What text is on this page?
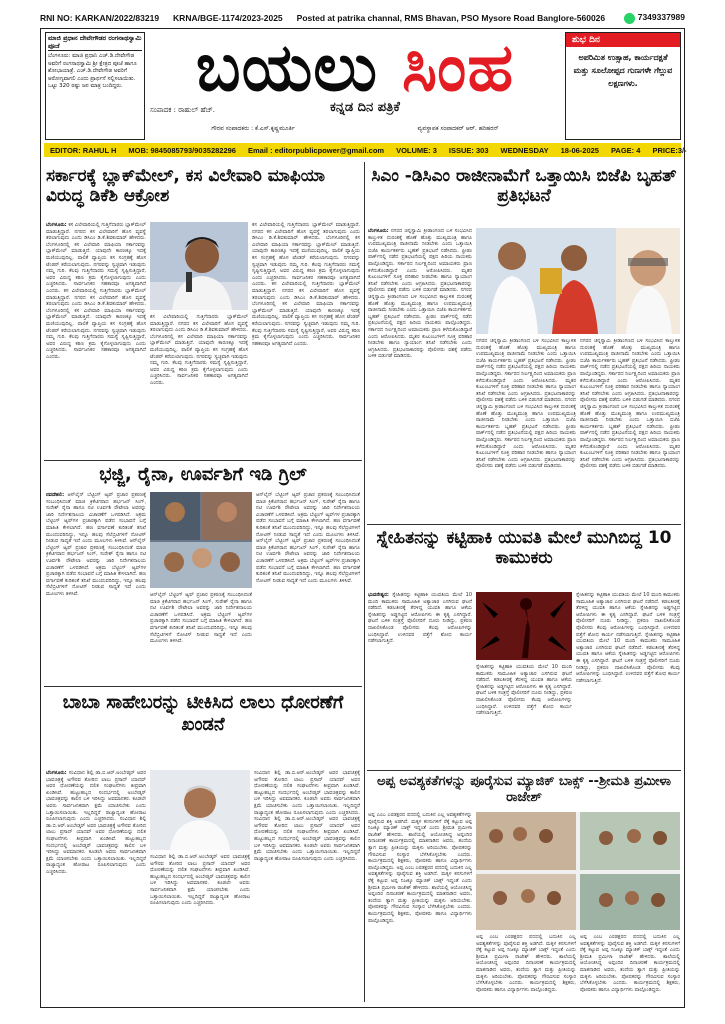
RNI NO: KARKAN/2022/83219 KRNA/BGE-1174/2023-2025 Posted at patrika channal, RMS Bhavan, PSO Mysore Road Banglore-560026	7349337989
ಮಾಜಿ ಪ್ರಧಾನ ದೇವೇಗೌಡರ ರಂಗನಾಥಸ್ವಾಮಿ ಪೂಜೆ
ಬೆಂಗಳೂರು: ಮಾಜಿ ಪ್ರಧಾನಿ ಎಚ್.ಡಿ.ದೇವೇಗೌಡ ಅವರಿಗೆ ರಂಗನಾಥಸ್ವಾಮಿ ಶ್ರೀ ಕ್ಷೇತ್ರದ ಪೂಜೆ ಹಾಗೂ ಶೋಭಾಯಾತ್ರೆ. ಎಚ್.ಡಿ.ದೇವೇಗೌಡ ಅವರಿಗೆ ಆರೋಗ್ಯವಾಗಲಿ ಎಂದು ಪ್ರಾರ್ಥನೆ ಸಲ್ಲಿಸಲಾಯಿತು. ಒಟ್ಟು 320 ರಷ್ಟು ಜನ ಮಾತ್ರ ಬಂದಿದ್ದರು.	ಬಯಲು ಸಿಂಹ
ಕನ್ನಡ ದಿನ ಪತ್ರಿಕೆ
ಸಂಪಾದಕ : ರಾಹುಲ್ ಹೆಚ್.
ಗೌರವ ಸಂಪಾದಕರು : ಕೆ.ಎಸ್.ಕೃಷ್ಣಮೂರ್ತಿ	ವ್ಯವಸ್ಥಾಪಕ ಸಂಪಾದಕರ್ ಆರ್. ಹರಿಹರನ್
ಶುಭ ದಿನ
ಅಪರಿಮಿತ ಉತ್ಸಾಹ, ಕಾರ್ಯದಕ್ಷತೆ ಮತ್ತು ಸೂಲೋಪ್ಪದ ಗುಣಗಳೇ ಗೆಲ್ಲುವ ಲಕ್ಷಣಗಳು.
EDITOR: RAHUL H MOB: 9845085793/9035282296 Email : editorpublicpower@gmail.com VOLUME: 3 ISSUE: 303 WEDNESDAY 18-06-2025 PAGE: 4 PRICE:3/-
ಸರ್ಕಾರಕ್ಕೆ ಬ್ಲಾಕ್‌ಮೇಲ್, ಕಸ ವಿಲೇವಾರಿ ಮಾಫಿಯಾ ವಿರುದ್ಧ ಡಿಕೆಶಿ ಆಕ್ರೋಶ
ಬೆಂಗಳೂರು: ಕಸ ವಿಲೇವಾರಿಯಲ್ಲಿ ಗುತ್ತಿಗೆದಾರರು ಬ್ಲಾಕ್‌ಮೇಲ್ ಮಾಡುತ್ತಿದ್ದಾರೆ. ನಗರದ ಕಸ ವಿಲೇವಾರಿಗೆ ಹೊಸ ವ್ಯವಸ್ಥೆ ತರಲಾಗುವುದು ಎಂದು ಡಿಸಿಎಂ ಡಿ.ಕೆ.ಶಿವಕುಮಾರ್ ಹೇಳಿದರು. ಬೆಂಗಳೂರಿನಲ್ಲಿ ಕಸ ವಿಲೇವಾರಿ ಮಾಫಿಯಾ ಸರ್ಕಾರವನ್ನು ಬ್ಲಾಕ್‌ಮೇಲ್ ಮಾಡುತ್ತಿದೆ. ಯಾವುದೇ ಕಾರಣಕ್ಕೂ ಇದಕ್ಕೆ ಮಣಿಯುವುದಿಲ್ಲ. ಪಾಲಿಕೆ ವ್ಯಾಪ್ತಿಯ ಕಸ ಸಂಗ್ರಹಕ್ಕೆ ಹೊಸ ಟೆಂಡರ್ ಕರೆಯಲಾಗುವುದು. ನಗರವನ್ನು ಸ್ವಚ್ಛವಾಗಿ ಇಡುವುದು ನಮ್ಮ ಗುರಿ. ಕೆಲವು ಗುತ್ತಿಗೆದಾರರು ಸಮಸ್ಯೆ ಸೃಷ್ಟಿಸುತ್ತಿದ್ದಾರೆ, ಅವರ ವಿರುದ್ಧ ಕಠಿಣ ಕ್ರಮ ಕೈಗೊಳ್ಳಲಾಗುವುದು ಎಂದು ಎಚ್ಚರಿಸಿದರು. ಸಾರ್ವಜನಿಕರ ಸಹಕಾರವೂ ಅಗತ್ಯವಾಗಿದೆ ಎಂದರು. ಕಸ ವಿಲೇವಾರಿಯಲ್ಲಿ ಗುತ್ತಿಗೆದಾರರು ಬ್ಲಾಕ್‌ಮೇಲ್ ಮಾಡುತ್ತಿದ್ದಾರೆ. ನಗರದ ಕಸ ವಿಲೇವಾರಿಗೆ ಹೊಸ ವ್ಯವಸ್ಥೆ ತರಲಾಗುವುದು ಎಂದು ಡಿಸಿಎಂ ಡಿ.ಕೆ.ಶಿವಕುಮಾರ್ ಹೇಳಿದರು. ಬೆಂಗಳೂರಿನಲ್ಲಿ ಕಸ ವಿಲೇವಾರಿ ಮಾಫಿಯಾ ಸರ್ಕಾರವನ್ನು ಬ್ಲಾಕ್‌ಮೇಲ್ ಮಾಡುತ್ತಿದೆ. ಯಾವುದೇ ಕಾರಣಕ್ಕೂ ಇದಕ್ಕೆ ಮಣಿಯುವುದಿಲ್ಲ. ಪಾಲಿಕೆ ವ್ಯಾಪ್ತಿಯ ಕಸ ಸಂಗ್ರಹಕ್ಕೆ ಹೊಸ ಟೆಂಡರ್ ಕರೆಯಲಾಗುವುದು. ನಗರವನ್ನು ಸ್ವಚ್ಛವಾಗಿ ಇಡುವುದು ನಮ್ಮ ಗುರಿ. ಕೆಲವು ಗುತ್ತಿಗೆದಾರರು ಸಮಸ್ಯೆ ಸೃಷ್ಟಿಸುತ್ತಿದ್ದಾರೆ, ಅವರ ವಿರುದ್ಧ ಕಠಿಣ ಕ್ರಮ ಕೈಗೊಳ್ಳಲಾಗುವುದು ಎಂದು ಎಚ್ಚರಿಸಿದರು. ಸಾರ್ವಜನಿಕರ ಸಹಕಾರವೂ ಅಗತ್ಯವಾಗಿದೆ ಎಂದರು.
ಕಸ ವಿಲೇವಾರಿಯಲ್ಲಿ ಗುತ್ತಿಗೆದಾರರು ಬ್ಲಾಕ್‌ಮೇಲ್ ಮಾಡುತ್ತಿದ್ದಾರೆ. ನಗರದ ಕಸ ವಿಲೇವಾರಿಗೆ ಹೊಸ ವ್ಯವಸ್ಥೆ ತರಲಾಗುವುದು ಎಂದು ಡಿಸಿಎಂ ಡಿ.ಕೆ.ಶಿವಕುಮಾರ್ ಹೇಳಿದರು. ಬೆಂಗಳೂರಿನಲ್ಲಿ ಕಸ ವಿಲೇವಾರಿ ಮಾಫಿಯಾ ಸರ್ಕಾರವನ್ನು ಬ್ಲಾಕ್‌ಮೇಲ್ ಮಾಡುತ್ತಿದೆ. ಯಾವುದೇ ಕಾರಣಕ್ಕೂ ಇದಕ್ಕೆ ಮಣಿಯುವುದಿಲ್ಲ. ಪಾಲಿಕೆ ವ್ಯಾಪ್ತಿಯ ಕಸ ಸಂಗ್ರಹಕ್ಕೆ ಹೊಸ ಟೆಂಡರ್ ಕರೆಯಲಾಗುವುದು. ನಗರವನ್ನು ಸ್ವಚ್ಛವಾಗಿ ಇಡುವುದು ನಮ್ಮ ಗುರಿ. ಕೆಲವು ಗುತ್ತಿಗೆದಾರರು ಸಮಸ್ಯೆ ಸೃಷ್ಟಿಸುತ್ತಿದ್ದಾರೆ, ಅವರ ವಿರುದ್ಧ ಕಠಿಣ ಕ್ರಮ ಕೈಗೊಳ್ಳಲಾಗುವುದು ಎಂದು ಎಚ್ಚರಿಸಿದರು. ಸಾರ್ವಜನಿಕರ ಸಹಕಾರವೂ ಅಗತ್ಯವಾಗಿದೆ ಎಂದರು.
ಕಸ ವಿಲೇವಾರಿಯಲ್ಲಿ ಗುತ್ತಿಗೆದಾರರು ಬ್ಲಾಕ್‌ಮೇಲ್ ಮಾಡುತ್ತಿದ್ದಾರೆ. ನಗರದ ಕಸ ವಿಲೇವಾರಿಗೆ ಹೊಸ ವ್ಯವಸ್ಥೆ ತರಲಾಗುವುದು ಎಂದು ಡಿಸಿಎಂ ಡಿ.ಕೆ.ಶಿವಕುಮಾರ್ ಹೇಳಿದರು. ಬೆಂಗಳೂರಿನಲ್ಲಿ ಕಸ ವಿಲೇವಾರಿ ಮಾಫಿಯಾ ಸರ್ಕಾರವನ್ನು ಬ್ಲಾಕ್‌ಮೇಲ್ ಮಾಡುತ್ತಿದೆ. ಯಾವುದೇ ಕಾರಣಕ್ಕೂ ಇದಕ್ಕೆ ಮಣಿಯುವುದಿಲ್ಲ. ಪಾಲಿಕೆ ವ್ಯಾಪ್ತಿಯ ಕಸ ಸಂಗ್ರಹಕ್ಕೆ ಹೊಸ ಟೆಂಡರ್ ಕರೆಯಲಾಗುವುದು. ನಗರವನ್ನು ಸ್ವಚ್ಛವಾಗಿ ಇಡುವುದು ನಮ್ಮ ಗುರಿ. ಕೆಲವು ಗುತ್ತಿಗೆದಾರರು ಸಮಸ್ಯೆ ಸೃಷ್ಟಿಸುತ್ತಿದ್ದಾರೆ, ಅವರ ವಿರುದ್ಧ ಕಠಿಣ ಕ್ರಮ ಕೈಗೊಳ್ಳಲಾಗುವುದು ಎಂದು ಎಚ್ಚರಿಸಿದರು. ಸಾರ್ವಜನಿಕರ ಸಹಕಾರವೂ ಅಗತ್ಯವಾಗಿದೆ ಎಂದರು. ಕಸ ವಿಲೇವಾರಿಯಲ್ಲಿ ಗುತ್ತಿಗೆದಾರರು ಬ್ಲಾಕ್‌ಮೇಲ್ ಮಾಡುತ್ತಿದ್ದಾರೆ. ನಗರದ ಕಸ ವಿಲೇವಾರಿಗೆ ಹೊಸ ವ್ಯವಸ್ಥೆ ತರಲಾಗುವುದು ಎಂದು ಡಿಸಿಎಂ ಡಿ.ಕೆ.ಶಿವಕುಮಾರ್ ಹೇಳಿದರು. ಬೆಂಗಳೂರಿನಲ್ಲಿ ಕಸ ವಿಲೇವಾರಿ ಮಾಫಿಯಾ ಸರ್ಕಾರವನ್ನು ಬ್ಲಾಕ್‌ಮೇಲ್ ಮಾಡುತ್ತಿದೆ. ಯಾವುದೇ ಕಾರಣಕ್ಕೂ ಇದಕ್ಕೆ ಮಣಿಯುವುದಿಲ್ಲ. ಪಾಲಿಕೆ ವ್ಯಾಪ್ತಿಯ ಕಸ ಸಂಗ್ರಹಕ್ಕೆ ಹೊಸ ಟೆಂಡರ್ ಕರೆಯಲಾಗುವುದು. ನಗರವನ್ನು ಸ್ವಚ್ಛವಾಗಿ ಇಡುವುದು ನಮ್ಮ ಗುರಿ. ಕೆಲವು ಗುತ್ತಿಗೆದಾರರು ಸಮಸ್ಯೆ ಸೃಷ್ಟಿಸುತ್ತಿದ್ದಾರೆ, ಅವರ ವಿರುದ್ಧ ಕಠಿಣ ಕ್ರಮ ಕೈಗೊಳ್ಳಲಾಗುವುದು ಎಂದು ಎಚ್ಚರಿಸಿದರು. ಸಾರ್ವಜನಿಕರ ಸಹಕಾರವೂ ಅಗತ್ಯವಾಗಿದೆ ಎಂದರು.
ಭಜ್ಜಿ, ರೈನಾ, ಊರ್ವಶಿಗೆ ಇಡಿ ಗ್ರಿಲ್
ನವದೆಹಲಿ: ಆನ್‌ಲೈನ್ ಬೆಟ್ಟಿಂಗ್ ಆ್ಯಪ್ ಪ್ರಚಾರ ಪ್ರಕರಣಕ್ಕೆ ಸಂಬಂಧಿಸಿದಂತೆ ಮಾಜಿ ಕ್ರಿಕೆಟಿಗರಾದ ಹರ್ಭಜನ್ ಸಿಂಗ್, ಸುರೇಶ್ ರೈನಾ ಹಾಗೂ ನಟಿ ಊರ್ವಶಿ ರೌಟೇಲಾ ಅವರನ್ನು ಜಾರಿ ನಿರ್ದೇಶನಾಲಯ ವಿಚಾರಣೆಗೆ ಒಳಪಡಿಸಿದೆ. ಅಕ್ರಮ ಬೆಟ್ಟಿಂಗ್ ಆ್ಯಪ್‌ಗಳ ಪ್ರಚಾರಕ್ಕಾಗಿ ಪಡೆದ ಸಂಭಾವನೆ ಬಗ್ಗೆ ಮಾಹಿತಿ ಕೇಳಲಾಗಿದೆ. ಹಣ ವರ್ಗಾವಣೆ ಕುರಿತಂತೆ ತನಿಖೆ ಮುಂದುವರಿದಿದ್ದು, ಇನ್ನೂ ಹಲವು ಸೆಲೆಬ್ರಿಟಿಗಳಿಗೆ ನೋಟಿಸ್ ನೀಡುವ ಸಾಧ್ಯತೆ ಇದೆ ಎಂದು ಮೂಲಗಳು ತಿಳಿಸಿವೆ. ಆನ್‌ಲೈನ್ ಬೆಟ್ಟಿಂಗ್ ಆ್ಯಪ್ ಪ್ರಚಾರ ಪ್ರಕರಣಕ್ಕೆ ಸಂಬಂಧಿಸಿದಂತೆ ಮಾಜಿ ಕ್ರಿಕೆಟಿಗರಾದ ಹರ್ಭಜನ್ ಸಿಂಗ್, ಸುರೇಶ್ ರೈನಾ ಹಾಗೂ ನಟಿ ಊರ್ವಶಿ ರೌಟೇಲಾ ಅವರನ್ನು ಜಾರಿ ನಿರ್ದೇಶನಾಲಯ ವಿಚಾರಣೆಗೆ ಒಳಪಡಿಸಿದೆ. ಅಕ್ರಮ ಬೆಟ್ಟಿಂಗ್ ಆ್ಯಪ್‌ಗಳ ಪ್ರಚಾರಕ್ಕಾಗಿ ಪಡೆದ ಸಂಭಾವನೆ ಬಗ್ಗೆ ಮಾಹಿತಿ ಕೇಳಲಾಗಿದೆ. ಹಣ ವರ್ಗಾವಣೆ ಕುರಿತಂತೆ ತನಿಖೆ ಮುಂದುವರಿದಿದ್ದು, ಇನ್ನೂ ಹಲವು ಸೆಲೆಬ್ರಿಟಿಗಳಿಗೆ ನೋಟಿಸ್ ನೀಡುವ ಸಾಧ್ಯತೆ ಇದೆ ಎಂದು ಮೂಲಗಳು ತಿಳಿಸಿವೆ.	ಆನ್‌ಲೈನ್ ಬೆಟ್ಟಿಂಗ್ ಆ್ಯಪ್ ಪ್ರಚಾರ ಪ್ರಕರಣಕ್ಕೆ ಸಂಬಂಧಿಸಿದಂತೆ ಮಾಜಿ ಕ್ರಿಕೆಟಿಗರಾದ ಹರ್ಭಜನ್ ಸಿಂಗ್, ಸುರೇಶ್ ರೈನಾ ಹಾಗೂ ನಟಿ ಊರ್ವಶಿ ರೌಟೇಲಾ ಅವರನ್ನು ಜಾರಿ ನಿರ್ದೇಶನಾಲಯ ವಿಚಾರಣೆಗೆ ಒಳಪಡಿಸಿದೆ. ಅಕ್ರಮ ಬೆಟ್ಟಿಂಗ್ ಆ್ಯಪ್‌ಗಳ ಪ್ರಚಾರಕ್ಕಾಗಿ ಪಡೆದ ಸಂಭಾವನೆ ಬಗ್ಗೆ ಮಾಹಿತಿ ಕೇಳಲಾಗಿದೆ. ಹಣ ವರ್ಗಾವಣೆ ಕುರಿತಂತೆ ತನಿಖೆ ಮುಂದುವರಿದಿದ್ದು, ಇನ್ನೂ ಹಲವು ಸೆಲೆಬ್ರಿಟಿಗಳಿಗೆ ನೋಟಿಸ್ ನೀಡುವ ಸಾಧ್ಯತೆ ಇದೆ ಎಂದು ಮೂಲಗಳು ತಿಳಿಸಿವೆ.
ಆನ್‌ಲೈನ್ ಬೆಟ್ಟಿಂಗ್ ಆ್ಯಪ್ ಪ್ರಚಾರ ಪ್ರಕರಣಕ್ಕೆ ಸಂಬಂಧಿಸಿದಂತೆ ಮಾಜಿ ಕ್ರಿಕೆಟಿಗರಾದ ಹರ್ಭಜನ್ ಸಿಂಗ್, ಸುರೇಶ್ ರೈನಾ ಹಾಗೂ ನಟಿ ಊರ್ವಶಿ ರೌಟೇಲಾ ಅವರನ್ನು ಜಾರಿ ನಿರ್ದೇಶನಾಲಯ ವಿಚಾರಣೆಗೆ ಒಳಪಡಿಸಿದೆ. ಅಕ್ರಮ ಬೆಟ್ಟಿಂಗ್ ಆ್ಯಪ್‌ಗಳ ಪ್ರಚಾರಕ್ಕಾಗಿ ಪಡೆದ ಸಂಭಾವನೆ ಬಗ್ಗೆ ಮಾಹಿತಿ ಕೇಳಲಾಗಿದೆ. ಹಣ ವರ್ಗಾವಣೆ ಕುರಿತಂತೆ ತನಿಖೆ ಮುಂದುವರಿದಿದ್ದು, ಇನ್ನೂ ಹಲವು ಸೆಲೆಬ್ರಿಟಿಗಳಿಗೆ ನೋಟಿಸ್ ನೀಡುವ ಸಾಧ್ಯತೆ ಇದೆ ಎಂದು ಮೂಲಗಳು ತಿಳಿಸಿವೆ. ಆನ್‌ಲೈನ್ ಬೆಟ್ಟಿಂಗ್ ಆ್ಯಪ್ ಪ್ರಚಾರ ಪ್ರಕರಣಕ್ಕೆ ಸಂಬಂಧಿಸಿದಂತೆ ಮಾಜಿ ಕ್ರಿಕೆಟಿಗರಾದ ಹರ್ಭಜನ್ ಸಿಂಗ್, ಸುರೇಶ್ ರೈನಾ ಹಾಗೂ ನಟಿ ಊರ್ವಶಿ ರೌಟೇಲಾ ಅವರನ್ನು ಜಾರಿ ನಿರ್ದೇಶನಾಲಯ ವಿಚಾರಣೆಗೆ ಒಳಪಡಿಸಿದೆ. ಅಕ್ರಮ ಬೆಟ್ಟಿಂಗ್ ಆ್ಯಪ್‌ಗಳ ಪ್ರಚಾರಕ್ಕಾಗಿ ಪಡೆದ ಸಂಭಾವನೆ ಬಗ್ಗೆ ಮಾಹಿತಿ ಕೇಳಲಾಗಿದೆ. ಹಣ ವರ್ಗಾವಣೆ ಕುರಿತಂತೆ ತನಿಖೆ ಮುಂದುವರಿದಿದ್ದು, ಇನ್ನೂ ಹಲವು ಸೆಲೆಬ್ರಿಟಿಗಳಿಗೆ ನೋಟಿಸ್ ನೀಡುವ ಸಾಧ್ಯತೆ ಇದೆ ಎಂದು ಮೂಲಗಳು ತಿಳಿಸಿವೆ.
ಬಾಬಾ ಸಾಹೇಬರನ್ನು ಟೀಕಿಸಿದ ಲಾಲು ಧೋರಣೆಗೆ ಖಂಡನೆ
ಬೆಂಗಳೂರು: ಸಂವಿಧಾನ ಶಿಲ್ಪಿ ಡಾ.ಬಿ.ಆರ್.ಅಂಬೇಡ್ಕರ್ ಅವರ ಭಾವಚಿತ್ರಕ್ಕೆ ಅಗೌರವ ತೋರಿದ ಲಾಲು ಪ್ರಸಾದ್ ಯಾದವ್ ಅವರ ಧೋರಣೆಯನ್ನು ದಲಿತ ಸಂಘಟನೆಗಳು ತೀವ್ರವಾಗಿ ಖಂಡಿಸಿವೆ. ಹುಟ್ಟುಹಬ್ಬದ ಸಂದರ್ಭದಲ್ಲಿ ಅಂಬೇಡ್ಕರ್ ಭಾವಚಿತ್ರವನ್ನು ಕಾಲಿನ ಬಳಿ ಇರಿಸಿದ್ದು ಅವಮಾನಕರ. ಕೂಡಲೇ ಅವರು ಸಾರ್ವಜನಿಕವಾಗಿ ಕ್ಷಮೆ ಯಾಚಿಸಬೇಕು ಎಂದು ಒತ್ತಾಯಿಸಲಾಯಿತು. ಇಲ್ಲದಿದ್ದರೆ ರಾಜ್ಯಾದ್ಯಂತ ಹೋರಾಟ ರೂಪಿಸಲಾಗುವುದು ಎಂದು ಎಚ್ಚರಿಸಿದರು. ಸಂವಿಧಾನ ಶಿಲ್ಪಿ ಡಾ.ಬಿ.ಆರ್.ಅಂಬೇಡ್ಕರ್ ಅವರ ಭಾವಚಿತ್ರಕ್ಕೆ ಅಗೌರವ ತೋರಿದ ಲಾಲು ಪ್ರಸಾದ್ ಯಾದವ್ ಅವರ ಧೋರಣೆಯನ್ನು ದಲಿತ ಸಂಘಟನೆಗಳು ತೀವ್ರವಾಗಿ ಖಂಡಿಸಿವೆ. ಹುಟ್ಟುಹಬ್ಬದ ಸಂದರ್ಭದಲ್ಲಿ ಅಂಬೇಡ್ಕರ್ ಭಾವಚಿತ್ರವನ್ನು ಕಾಲಿನ ಬಳಿ ಇರಿಸಿದ್ದು ಅವಮಾನಕರ. ಕೂಡಲೇ ಅವರು ಸಾರ್ವಜನಿಕವಾಗಿ ಕ್ಷಮೆ ಯಾಚಿಸಬೇಕು ಎಂದು ಒತ್ತಾಯಿಸಲಾಯಿತು. ಇಲ್ಲದಿದ್ದರೆ ರಾಜ್ಯಾದ್ಯಂತ ಹೋರಾಟ ರೂಪಿಸಲಾಗುವುದು ಎಂದು ಎಚ್ಚರಿಸಿದರು.
ಸಂವಿಧಾನ ಶಿಲ್ಪಿ ಡಾ.ಬಿ.ಆರ್.ಅಂಬೇಡ್ಕರ್ ಅವರ ಭಾವಚಿತ್ರಕ್ಕೆ ಅಗೌರವ ತೋರಿದ ಲಾಲು ಪ್ರಸಾದ್ ಯಾದವ್ ಅವರ ಧೋರಣೆಯನ್ನು ದಲಿತ ಸಂಘಟನೆಗಳು ತೀವ್ರವಾಗಿ ಖಂಡಿಸಿವೆ. ಹುಟ್ಟುಹಬ್ಬದ ಸಂದರ್ಭದಲ್ಲಿ ಅಂಬೇಡ್ಕರ್ ಭಾವಚಿತ್ರವನ್ನು ಕಾಲಿನ ಬಳಿ ಇರಿಸಿದ್ದು ಅವಮಾನಕರ. ಕೂಡಲೇ ಅವರು ಸಾರ್ವಜನಿಕವಾಗಿ ಕ್ಷಮೆ ಯಾಚಿಸಬೇಕು ಎಂದು ಒತ್ತಾಯಿಸಲಾಯಿತು. ಇಲ್ಲದಿದ್ದರೆ ರಾಜ್ಯಾದ್ಯಂತ ಹೋರಾಟ ರೂಪಿಸಲಾಗುವುದು ಎಂದು ಎಚ್ಚರಿಸಿದರು.
ಸಂವಿಧಾನ ಶಿಲ್ಪಿ ಡಾ.ಬಿ.ಆರ್.ಅಂಬೇಡ್ಕರ್ ಅವರ ಭಾವಚಿತ್ರಕ್ಕೆ ಅಗೌರವ ತೋರಿದ ಲಾಲು ಪ್ರಸಾದ್ ಯಾದವ್ ಅವರ ಧೋರಣೆಯನ್ನು ದಲಿತ ಸಂಘಟನೆಗಳು ತೀವ್ರವಾಗಿ ಖಂಡಿಸಿವೆ. ಹುಟ್ಟುಹಬ್ಬದ ಸಂದರ್ಭದಲ್ಲಿ ಅಂಬೇಡ್ಕರ್ ಭಾವಚಿತ್ರವನ್ನು ಕಾಲಿನ ಬಳಿ ಇರಿಸಿದ್ದು ಅವಮಾನಕರ. ಕೂಡಲೇ ಅವರು ಸಾರ್ವಜನಿಕವಾಗಿ ಕ್ಷಮೆ ಯಾಚಿಸಬೇಕು ಎಂದು ಒತ್ತಾಯಿಸಲಾಯಿತು. ಇಲ್ಲದಿದ್ದರೆ ರಾಜ್ಯಾದ್ಯಂತ ಹೋರಾಟ ರೂಪಿಸಲಾಗುವುದು ಎಂದು ಎಚ್ಚರಿಸಿದರು. ಸಂವಿಧಾನ ಶಿಲ್ಪಿ ಡಾ.ಬಿ.ಆರ್.ಅಂಬೇಡ್ಕರ್ ಅವರ ಭಾವಚಿತ್ರಕ್ಕೆ ಅಗೌರವ ತೋರಿದ ಲಾಲು ಪ್ರಸಾದ್ ಯಾದವ್ ಅವರ ಧೋರಣೆಯನ್ನು ದಲಿತ ಸಂಘಟನೆಗಳು ತೀವ್ರವಾಗಿ ಖಂಡಿಸಿವೆ. ಹುಟ್ಟುಹಬ್ಬದ ಸಂದರ್ಭದಲ್ಲಿ ಅಂಬೇಡ್ಕರ್ ಭಾವಚಿತ್ರವನ್ನು ಕಾಲಿನ ಬಳಿ ಇರಿಸಿದ್ದು ಅವಮಾನಕರ. ಕೂಡಲೇ ಅವರು ಸಾರ್ವಜನಿಕವಾಗಿ ಕ್ಷಮೆ ಯಾಚಿಸಬೇಕು ಎಂದು ಒತ್ತಾಯಿಸಲಾಯಿತು. ಇಲ್ಲದಿದ್ದರೆ ರಾಜ್ಯಾದ್ಯಂತ ಹೋರಾಟ ರೂಪಿಸಲಾಗುವುದು ಎಂದು ಎಚ್ಚರಿಸಿದರು.
ಸಿಎಂ -ಡಿಸಿಎಂ ರಾಜೀನಾಮೆಗೆ ಒತ್ತಾಯಿಸಿ ಬಿಜೆಪಿ ಬೃಹತ್ ಪ್ರತಿಭಟನೆ
ಬೆಂಗಳೂರು: ನಗರದ ಚಿನ್ನಸ್ವಾಮಿ ಕ್ರೀಡಾಂಗಣದ ಬಳಿ ಸಂಭವಿಸಿದ ಕಾಲ್ತುಳಿತ ದುರಂತಕ್ಕೆ ಹೊಣೆ ಹೊತ್ತು ಮುಖ್ಯಮಂತ್ರಿ ಹಾಗೂ ಉಪಮುಖ್ಯಮಂತ್ರಿ ರಾಜೀನಾಮೆ ನೀಡಬೇಕು ಎಂದು ಒತ್ತಾಯಿಸಿ ಬಿಜೆಪಿ ಕಾರ್ಯಕರ್ತರು ಬೃಹತ್ ಪ್ರತಿಭಟನೆ ನಡೆಸಿದರು. ಫ್ರೀಡಂ ಪಾರ್ಕ್‌ನಲ್ಲಿ ನಡೆದ ಪ್ರತಿಭಟನೆಯಲ್ಲಿ ಪಕ್ಷದ ಹಿರಿಯ ನಾಯಕರು ಪಾಲ್ಗೊಂಡಿದ್ದರು. ಸರ್ಕಾರದ ನಿರ್ಲಕ್ಷ್ಯದಿಂದ ಅಮಾಯಕರು ಪ್ರಾಣ ಕಳೆದುಕೊಂಡಿದ್ದಾರೆ ಎಂದು ಆರೋಪಿಸಿದರು. ಮೃತರ ಕುಟುಂಬಗಳಿಗೆ ಸೂಕ್ತ ಪರಿಹಾರ ನೀಡಬೇಕು ಹಾಗೂ ನ್ಯಾಯಾಂಗ ತನಿಖೆ ನಡೆಸಬೇಕು ಎಂದು ಆಗ್ರಹಿಸಿದರು. ಪ್ರತಿಭಟನಾಕಾರರನ್ನು ಪೊಲೀಸರು ವಶಕ್ಕೆ ಪಡೆದು ಬಳಿಕ ಬಿಡುಗಡೆ ಮಾಡಿದರು. ನಗರದ ಚಿನ್ನಸ್ವಾಮಿ ಕ್ರೀಡಾಂಗಣದ ಬಳಿ ಸಂಭವಿಸಿದ ಕಾಲ್ತುಳಿತ ದುರಂತಕ್ಕೆ ಹೊಣೆ ಹೊತ್ತು ಮುಖ್ಯಮಂತ್ರಿ ಹಾಗೂ ಉಪಮುಖ್ಯಮಂತ್ರಿ ರಾಜೀನಾಮೆ ನೀಡಬೇಕು ಎಂದು ಒತ್ತಾಯಿಸಿ ಬಿಜೆಪಿ ಕಾರ್ಯಕರ್ತರು ಬೃಹತ್ ಪ್ರತಿಭಟನೆ ನಡೆಸಿದರು. ಫ್ರೀಡಂ ಪಾರ್ಕ್‌ನಲ್ಲಿ ನಡೆದ ಪ್ರತಿಭಟನೆಯಲ್ಲಿ ಪಕ್ಷದ ಹಿರಿಯ ನಾಯಕರು ಪಾಲ್ಗೊಂಡಿದ್ದರು. ಸರ್ಕಾರದ ನಿರ್ಲಕ್ಷ್ಯದಿಂದ ಅಮಾಯಕರು ಪ್ರಾಣ ಕಳೆದುಕೊಂಡಿದ್ದಾರೆ ಎಂದು ಆರೋಪಿಸಿದರು. ಮೃತರ ಕುಟುಂಬಗಳಿಗೆ ಸೂಕ್ತ ಪರಿಹಾರ ನೀಡಬೇಕು ಹಾಗೂ ನ್ಯಾಯಾಂಗ ತನಿಖೆ ನಡೆಸಬೇಕು ಎಂದು ಆಗ್ರಹಿಸಿದರು. ಪ್ರತಿಭಟನಾಕಾರರನ್ನು ಪೊಲೀಸರು ವಶಕ್ಕೆ ಪಡೆದು ಬಳಿಕ ಬಿಡುಗಡೆ ಮಾಡಿದರು.
ನಗರದ ಚಿನ್ನಸ್ವಾಮಿ ಕ್ರೀಡಾಂಗಣದ ಬಳಿ ಸಂಭವಿಸಿದ ಕಾಲ್ತುಳಿತ ದುರಂತಕ್ಕೆ ಹೊಣೆ ಹೊತ್ತು ಮುಖ್ಯಮಂತ್ರಿ ಹಾಗೂ ಉಪಮುಖ್ಯಮಂತ್ರಿ ರಾಜೀನಾಮೆ ನೀಡಬೇಕು ಎಂದು ಒತ್ತಾಯಿಸಿ ಬಿಜೆಪಿ ಕಾರ್ಯಕರ್ತರು ಬೃಹತ್ ಪ್ರತಿಭಟನೆ ನಡೆಸಿದರು. ಫ್ರೀಡಂ ಪಾರ್ಕ್‌ನಲ್ಲಿ ನಡೆದ ಪ್ರತಿಭಟನೆಯಲ್ಲಿ ಪಕ್ಷದ ಹಿರಿಯ ನಾಯಕರು ಪಾಲ್ಗೊಂಡಿದ್ದರು. ಸರ್ಕಾರದ ನಿರ್ಲಕ್ಷ್ಯದಿಂದ ಅಮಾಯಕರು ಪ್ರಾಣ ಕಳೆದುಕೊಂಡಿದ್ದಾರೆ ಎಂದು ಆರೋಪಿಸಿದರು. ಮೃತರ ಕುಟುಂಬಗಳಿಗೆ ಸೂಕ್ತ ಪರಿಹಾರ ನೀಡಬೇಕು ಹಾಗೂ ನ್ಯಾಯಾಂಗ ತನಿಖೆ ನಡೆಸಬೇಕು ಎಂದು ಆಗ್ರಹಿಸಿದರು. ಪ್ರತಿಭಟನಾಕಾರರನ್ನು ಪೊಲೀಸರು ವಶಕ್ಕೆ ಪಡೆದು ಬಳಿಕ ಬಿಡುಗಡೆ ಮಾಡಿದರು. ನಗರದ ಚಿನ್ನಸ್ವಾಮಿ ಕ್ರೀಡಾಂಗಣದ ಬಳಿ ಸಂಭವಿಸಿದ ಕಾಲ್ತುಳಿತ ದುರಂತಕ್ಕೆ ಹೊಣೆ ಹೊತ್ತು ಮುಖ್ಯಮಂತ್ರಿ ಹಾಗೂ ಉಪಮುಖ್ಯಮಂತ್ರಿ ರಾಜೀನಾಮೆ ನೀಡಬೇಕು ಎಂದು ಒತ್ತಾಯಿಸಿ ಬಿಜೆಪಿ ಕಾರ್ಯಕರ್ತರು ಬೃಹತ್ ಪ್ರತಿಭಟನೆ ನಡೆಸಿದರು. ಫ್ರೀಡಂ ಪಾರ್ಕ್‌ನಲ್ಲಿ ನಡೆದ ಪ್ರತಿಭಟನೆಯಲ್ಲಿ ಪಕ್ಷದ ಹಿರಿಯ ನಾಯಕರು ಪಾಲ್ಗೊಂಡಿದ್ದರು. ಸರ್ಕಾರದ ನಿರ್ಲಕ್ಷ್ಯದಿಂದ ಅಮಾಯಕರು ಪ್ರಾಣ ಕಳೆದುಕೊಂಡಿದ್ದಾರೆ ಎಂದು ಆರೋಪಿಸಿದರು. ಮೃತರ ಕುಟುಂಬಗಳಿಗೆ ಸೂಕ್ತ ಪರಿಹಾರ ನೀಡಬೇಕು ಹಾಗೂ ನ್ಯಾಯಾಂಗ ತನಿಖೆ ನಡೆಸಬೇಕು ಎಂದು ಆಗ್ರಹಿಸಿದರು. ಪ್ರತಿಭಟನಾಕಾರರನ್ನು ಪೊಲೀಸರು ವಶಕ್ಕೆ ಪಡೆದು ಬಳಿಕ ಬಿಡುಗಡೆ ಮಾಡಿದರು.
ನಗರದ ಚಿನ್ನಸ್ವಾಮಿ ಕ್ರೀಡಾಂಗಣದ ಬಳಿ ಸಂಭವಿಸಿದ ಕಾಲ್ತುಳಿತ ದುರಂತಕ್ಕೆ ಹೊಣೆ ಹೊತ್ತು ಮುಖ್ಯಮಂತ್ರಿ ಹಾಗೂ ಉಪಮುಖ್ಯಮಂತ್ರಿ ರಾಜೀನಾಮೆ ನೀಡಬೇಕು ಎಂದು ಒತ್ತಾಯಿಸಿ ಬಿಜೆಪಿ ಕಾರ್ಯಕರ್ತರು ಬೃಹತ್ ಪ್ರತಿಭಟನೆ ನಡೆಸಿದರು. ಫ್ರೀಡಂ ಪಾರ್ಕ್‌ನಲ್ಲಿ ನಡೆದ ಪ್ರತಿಭಟನೆಯಲ್ಲಿ ಪಕ್ಷದ ಹಿರಿಯ ನಾಯಕರು ಪಾಲ್ಗೊಂಡಿದ್ದರು. ಸರ್ಕಾರದ ನಿರ್ಲಕ್ಷ್ಯದಿಂದ ಅಮಾಯಕರು ಪ್ರಾಣ ಕಳೆದುಕೊಂಡಿದ್ದಾರೆ ಎಂದು ಆರೋಪಿಸಿದರು. ಮೃತರ ಕುಟುಂಬಗಳಿಗೆ ಸೂಕ್ತ ಪರಿಹಾರ ನೀಡಬೇಕು ಹಾಗೂ ನ್ಯಾಯಾಂಗ ತನಿಖೆ ನಡೆಸಬೇಕು ಎಂದು ಆಗ್ರಹಿಸಿದರು. ಪ್ರತಿಭಟನಾಕಾರರನ್ನು ಪೊಲೀಸರು ವಶಕ್ಕೆ ಪಡೆದು ಬಳಿಕ ಬಿಡುಗಡೆ ಮಾಡಿದರು. ನಗರದ ಚಿನ್ನಸ್ವಾಮಿ ಕ್ರೀಡಾಂಗಣದ ಬಳಿ ಸಂಭವಿಸಿದ ಕಾಲ್ತುಳಿತ ದುರಂತಕ್ಕೆ ಹೊಣೆ ಹೊತ್ತು ಮುಖ್ಯಮಂತ್ರಿ ಹಾಗೂ ಉಪಮುಖ್ಯಮಂತ್ರಿ ರಾಜೀನಾಮೆ ನೀಡಬೇಕು ಎಂದು ಒತ್ತಾಯಿಸಿ ಬಿಜೆಪಿ ಕಾರ್ಯಕರ್ತರು ಬೃಹತ್ ಪ್ರತಿಭಟನೆ ನಡೆಸಿದರು. ಫ್ರೀಡಂ ಪಾರ್ಕ್‌ನಲ್ಲಿ ನಡೆದ ಪ್ರತಿಭಟನೆಯಲ್ಲಿ ಪಕ್ಷದ ಹಿರಿಯ ನಾಯಕರು ಪಾಲ್ಗೊಂಡಿದ್ದರು. ಸರ್ಕಾರದ ನಿರ್ಲಕ್ಷ್ಯದಿಂದ ಅಮಾಯಕರು ಪ್ರಾಣ ಕಳೆದುಕೊಂಡಿದ್ದಾರೆ ಎಂದು ಆರೋಪಿಸಿದರು. ಮೃತರ ಕುಟುಂಬಗಳಿಗೆ ಸೂಕ್ತ ಪರಿಹಾರ ನೀಡಬೇಕು ಹಾಗೂ ನ್ಯಾಯಾಂಗ ತನಿಖೆ ನಡೆಸಬೇಕು ಎಂದು ಆಗ್ರಹಿಸಿದರು. ಪ್ರತಿಭಟನಾಕಾರರನ್ನು ಪೊಲೀಸರು ವಶಕ್ಕೆ ಪಡೆದು ಬಳಿಕ ಬಿಡುಗಡೆ ಮಾಡಿದರು.
ಸ್ನೇಹಿತನನ್ನು ಕಟ್ಟಿಹಾಕಿ ಯುವತಿ ಮೇಲೆ ಮುಗಿಬಿದ್ದ 10 ಕಾಮುಕರು
ಭುವನೇಶ್ವರ: ಸ್ನೇಹಿತನನ್ನು ಕಟ್ಟಿಹಾಕಿ ಯುವತಿಯ ಮೇಲೆ 10 ಮಂದಿ ಕಾಮುಕರು ಸಾಮೂಹಿಕ ಅತ್ಯಾಚಾರ ಎಸಗಿರುವ ಘಟನೆ ನಡೆದಿದೆ. ಕಡಲತೀರಕ್ಕೆ ತೆರಳಿದ್ದ ಯುವತಿ ಹಾಗೂ ಆಕೆಯ ಸ್ನೇಹಿತನನ್ನು ಅಡ್ಡಗಟ್ಟಿದ ಆರೋಪಿಗಳು ಈ ಕೃತ್ಯ ಎಸಗಿದ್ದಾರೆ. ಘಟನೆ ಬಳಿಕ ಸಂತ್ರಸ್ತೆ ಪೊಲೀಸರಿಗೆ ದೂರು ನೀಡಿದ್ದು, ಪ್ರಕರಣ ದಾಖಲಿಸಿಕೊಂಡ ಪೊಲೀಸರು ಕೆಲವು ಆರೋಪಿಗಳನ್ನು ಬಂಧಿಸಿದ್ದಾರೆ. ಉಳಿದವರ ಪತ್ತೆಗೆ ಶೋಧ ಕಾರ್ಯ ನಡೆಸಲಾಗುತ್ತಿದೆ.
ಸ್ನೇಹಿತನನ್ನು ಕಟ್ಟಿಹಾಕಿ ಯುವತಿಯ ಮೇಲೆ 10 ಮಂದಿ ಕಾಮುಕರು ಸಾಮೂಹಿಕ ಅತ್ಯಾಚಾರ ಎಸಗಿರುವ ಘಟನೆ ನಡೆದಿದೆ. ಕಡಲತೀರಕ್ಕೆ ತೆರಳಿದ್ದ ಯುವತಿ ಹಾಗೂ ಆಕೆಯ ಸ್ನೇಹಿತನನ್ನು ಅಡ್ಡಗಟ್ಟಿದ ಆರೋಪಿಗಳು ಈ ಕೃತ್ಯ ಎಸಗಿದ್ದಾರೆ. ಘಟನೆ ಬಳಿಕ ಸಂತ್ರಸ್ತೆ ಪೊಲೀಸರಿಗೆ ದೂರು ನೀಡಿದ್ದು, ಪ್ರಕರಣ ದಾಖಲಿಸಿಕೊಂಡ ಪೊಲೀಸರು ಕೆಲವು ಆರೋಪಿಗಳನ್ನು ಬಂಧಿಸಿದ್ದಾರೆ. ಉಳಿದವರ ಪತ್ತೆಗೆ ಶೋಧ ಕಾರ್ಯ ನಡೆಸಲಾಗುತ್ತಿದೆ.
ಸ್ನೇಹಿತನನ್ನು ಕಟ್ಟಿಹಾಕಿ ಯುವತಿಯ ಮೇಲೆ 10 ಮಂದಿ ಕಾಮುಕರು ಸಾಮೂಹಿಕ ಅತ್ಯಾಚಾರ ಎಸಗಿರುವ ಘಟನೆ ನಡೆದಿದೆ. ಕಡಲತೀರಕ್ಕೆ ತೆರಳಿದ್ದ ಯುವತಿ ಹಾಗೂ ಆಕೆಯ ಸ್ನೇಹಿತನನ್ನು ಅಡ್ಡಗಟ್ಟಿದ ಆರೋಪಿಗಳು ಈ ಕೃತ್ಯ ಎಸಗಿದ್ದಾರೆ. ಘಟನೆ ಬಳಿಕ ಸಂತ್ರಸ್ತೆ ಪೊಲೀಸರಿಗೆ ದೂರು ನೀಡಿದ್ದು, ಪ್ರಕರಣ ದಾಖಲಿಸಿಕೊಂಡ ಪೊಲೀಸರು ಕೆಲವು ಆರೋಪಿಗಳನ್ನು ಬಂಧಿಸಿದ್ದಾರೆ. ಉಳಿದವರ ಪತ್ತೆಗೆ ಶೋಧ ಕಾರ್ಯ ನಡೆಸಲಾಗುತ್ತಿದೆ. ಸ್ನೇಹಿತನನ್ನು ಕಟ್ಟಿಹಾಕಿ ಯುವತಿಯ ಮೇಲೆ 10 ಮಂದಿ ಕಾಮುಕರು ಸಾಮೂಹಿಕ ಅತ್ಯಾಚಾರ ಎಸಗಿರುವ ಘಟನೆ ನಡೆದಿದೆ. ಕಡಲತೀರಕ್ಕೆ ತೆರಳಿದ್ದ ಯುವತಿ ಹಾಗೂ ಆಕೆಯ ಸ್ನೇಹಿತನನ್ನು ಅಡ್ಡಗಟ್ಟಿದ ಆರೋಪಿಗಳು ಈ ಕೃತ್ಯ ಎಸಗಿದ್ದಾರೆ. ಘಟನೆ ಬಳಿಕ ಸಂತ್ರಸ್ತೆ ಪೊಲೀಸರಿಗೆ ದೂರು ನೀಡಿದ್ದು, ಪ್ರಕರಣ ದಾಖಲಿಸಿಕೊಂಡ ಪೊಲೀಸರು ಕೆಲವು ಆರೋಪಿಗಳನ್ನು ಬಂಧಿಸಿದ್ದಾರೆ. ಉಳಿದವರ ಪತ್ತೆಗೆ ಶೋಧ ಕಾರ್ಯ ನಡೆಸಲಾಗುತ್ತಿದೆ.
ಅಪ್ಪ ಅವಶ್ಯಕತೆಗಳನ್ನು ಪೂರೈಸುವ ಮ್ಯಾಜಿಕ್ ಬಾಕ್ಸ್ --ಶ್ರೀಮತಿ ಪ್ರಮೀಳಾ ರಾಜೇಶ್
ಅಪ್ಪ ಎಂಬ ಎರಡಕ್ಷರದ ಪದದಲ್ಲಿ ಬದುಕಿನ ಎಲ್ಲ ಅವಶ್ಯಕತೆಗಳನ್ನು ಪೂರೈಸುವ ಶಕ್ತಿ ಅಡಗಿದೆ. ಮಕ್ಕಳ ಕನಸುಗಳಿಗೆ ರೆಕ್ಕೆ ಕಟ್ಟುವ ಅಪ್ಪ ನಿಜಕ್ಕೂ ಮ್ಯಾಜಿಕ್ ಬಾಕ್ಸ್ ಇದ್ದಂತೆ ಎಂದು ಶ್ರೀಮತಿ ಪ್ರಮೀಳಾ ರಾಜೇಶ್ ಹೇಳಿದರು. ಶಾಲೆಯಲ್ಲಿ ಆಯೋಜಿಸಿದ್ದ ಅಪ್ಪಂದಿರ ದಿನಾಚರಣೆ ಕಾರ್ಯಕ್ರಮದಲ್ಲಿ ಮಾತನಾಡಿದ ಅವರು, ತಂದೆಯ ತ್ಯಾಗ ಮತ್ತು ಪ್ರೀತಿಯನ್ನು ಮಕ್ಕಳು ಅರಿಯಬೇಕು. ಪೋಷಕರನ್ನು ಗೌರವಿಸುವ ಸಂಸ್ಕಾರ ಬೆಳೆಸಿಕೊಳ್ಳಬೇಕು ಎಂದರು. ಕಾರ್ಯಕ್ರಮದಲ್ಲಿ ಶಿಕ್ಷಕರು, ಪೋಷಕರು ಹಾಗೂ ವಿದ್ಯಾರ್ಥಿಗಳು ಪಾಲ್ಗೊಂಡಿದ್ದರು. ಅಪ್ಪ ಎಂಬ ಎರಡಕ್ಷರದ ಪದದಲ್ಲಿ ಬದುಕಿನ ಎಲ್ಲ ಅವಶ್ಯಕತೆಗಳನ್ನು ಪೂರೈಸುವ ಶಕ್ತಿ ಅಡಗಿದೆ. ಮಕ್ಕಳ ಕನಸುಗಳಿಗೆ ರೆಕ್ಕೆ ಕಟ್ಟುವ ಅಪ್ಪ ನಿಜಕ್ಕೂ ಮ್ಯಾಜಿಕ್ ಬಾಕ್ಸ್ ಇದ್ದಂತೆ ಎಂದು ಶ್ರೀಮತಿ ಪ್ರಮೀಳಾ ರಾಜೇಶ್ ಹೇಳಿದರು. ಶಾಲೆಯಲ್ಲಿ ಆಯೋಜಿಸಿದ್ದ ಅಪ್ಪಂದಿರ ದಿನಾಚರಣೆ ಕಾರ್ಯಕ್ರಮದಲ್ಲಿ ಮಾತನಾಡಿದ ಅವರು, ತಂದೆಯ ತ್ಯಾಗ ಮತ್ತು ಪ್ರೀತಿಯನ್ನು ಮಕ್ಕಳು ಅರಿಯಬೇಕು. ಪೋಷಕರನ್ನು ಗೌರವಿಸುವ ಸಂಸ್ಕಾರ ಬೆಳೆಸಿಕೊಳ್ಳಬೇಕು ಎಂದರು. ಕಾರ್ಯಕ್ರಮದಲ್ಲಿ ಶಿಕ್ಷಕರು, ಪೋಷಕರು ಹಾಗೂ ವಿದ್ಯಾರ್ಥಿಗಳು ಪಾಲ್ಗೊಂಡಿದ್ದರು.
ಅಪ್ಪ ಎಂಬ ಎರಡಕ್ಷರದ ಪದದಲ್ಲಿ ಬದುಕಿನ ಎಲ್ಲ ಅವಶ್ಯಕತೆಗಳನ್ನು ಪೂರೈಸುವ ಶಕ್ತಿ ಅಡಗಿದೆ. ಮಕ್ಕಳ ಕನಸುಗಳಿಗೆ ರೆಕ್ಕೆ ಕಟ್ಟುವ ಅಪ್ಪ ನಿಜಕ್ಕೂ ಮ್ಯಾಜಿಕ್ ಬಾಕ್ಸ್ ಇದ್ದಂತೆ ಎಂದು ಶ್ರೀಮತಿ ಪ್ರಮೀಳಾ ರಾಜೇಶ್ ಹೇಳಿದರು. ಶಾಲೆಯಲ್ಲಿ ಆಯೋಜಿಸಿದ್ದ ಅಪ್ಪಂದಿರ ದಿನಾಚರಣೆ ಕಾರ್ಯಕ್ರಮದಲ್ಲಿ ಮಾತನಾಡಿದ ಅವರು, ತಂದೆಯ ತ್ಯಾಗ ಮತ್ತು ಪ್ರೀತಿಯನ್ನು ಮಕ್ಕಳು ಅರಿಯಬೇಕು. ಪೋಷಕರನ್ನು ಗೌರವಿಸುವ ಸಂಸ್ಕಾರ ಬೆಳೆಸಿಕೊಳ್ಳಬೇಕು ಎಂದರು. ಕಾರ್ಯಕ್ರಮದಲ್ಲಿ ಶಿಕ್ಷಕರು, ಪೋಷಕರು ಹಾಗೂ ವಿದ್ಯಾರ್ಥಿಗಳು ಪಾಲ್ಗೊಂಡಿದ್ದರು.
ಅಪ್ಪ ಎಂಬ ಎರಡಕ್ಷರದ ಪದದಲ್ಲಿ ಬದುಕಿನ ಎಲ್ಲ ಅವಶ್ಯಕತೆಗಳನ್ನು ಪೂರೈಸುವ ಶಕ್ತಿ ಅಡಗಿದೆ. ಮಕ್ಕಳ ಕನಸುಗಳಿಗೆ ರೆಕ್ಕೆ ಕಟ್ಟುವ ಅಪ್ಪ ನಿಜಕ್ಕೂ ಮ್ಯಾಜಿಕ್ ಬಾಕ್ಸ್ ಇದ್ದಂತೆ ಎಂದು ಶ್ರೀಮತಿ ಪ್ರಮೀಳಾ ರಾಜೇಶ್ ಹೇಳಿದರು. ಶಾಲೆಯಲ್ಲಿ ಆಯೋಜಿಸಿದ್ದ ಅಪ್ಪಂದಿರ ದಿನಾಚರಣೆ ಕಾರ್ಯಕ್ರಮದಲ್ಲಿ ಮಾತನಾಡಿದ ಅವರು, ತಂದೆಯ ತ್ಯಾಗ ಮತ್ತು ಪ್ರೀತಿಯನ್ನು ಮಕ್ಕಳು ಅರಿಯಬೇಕು. ಪೋಷಕರನ್ನು ಗೌರವಿಸುವ ಸಂಸ್ಕಾರ ಬೆಳೆಸಿಕೊಳ್ಳಬೇಕು ಎಂದರು. ಕಾರ್ಯಕ್ರಮದಲ್ಲಿ ಶಿಕ್ಷಕರು, ಪೋಷಕರು ಹಾಗೂ ವಿದ್ಯಾರ್ಥಿಗಳು ಪಾಲ್ಗೊಂಡಿದ್ದರು.
